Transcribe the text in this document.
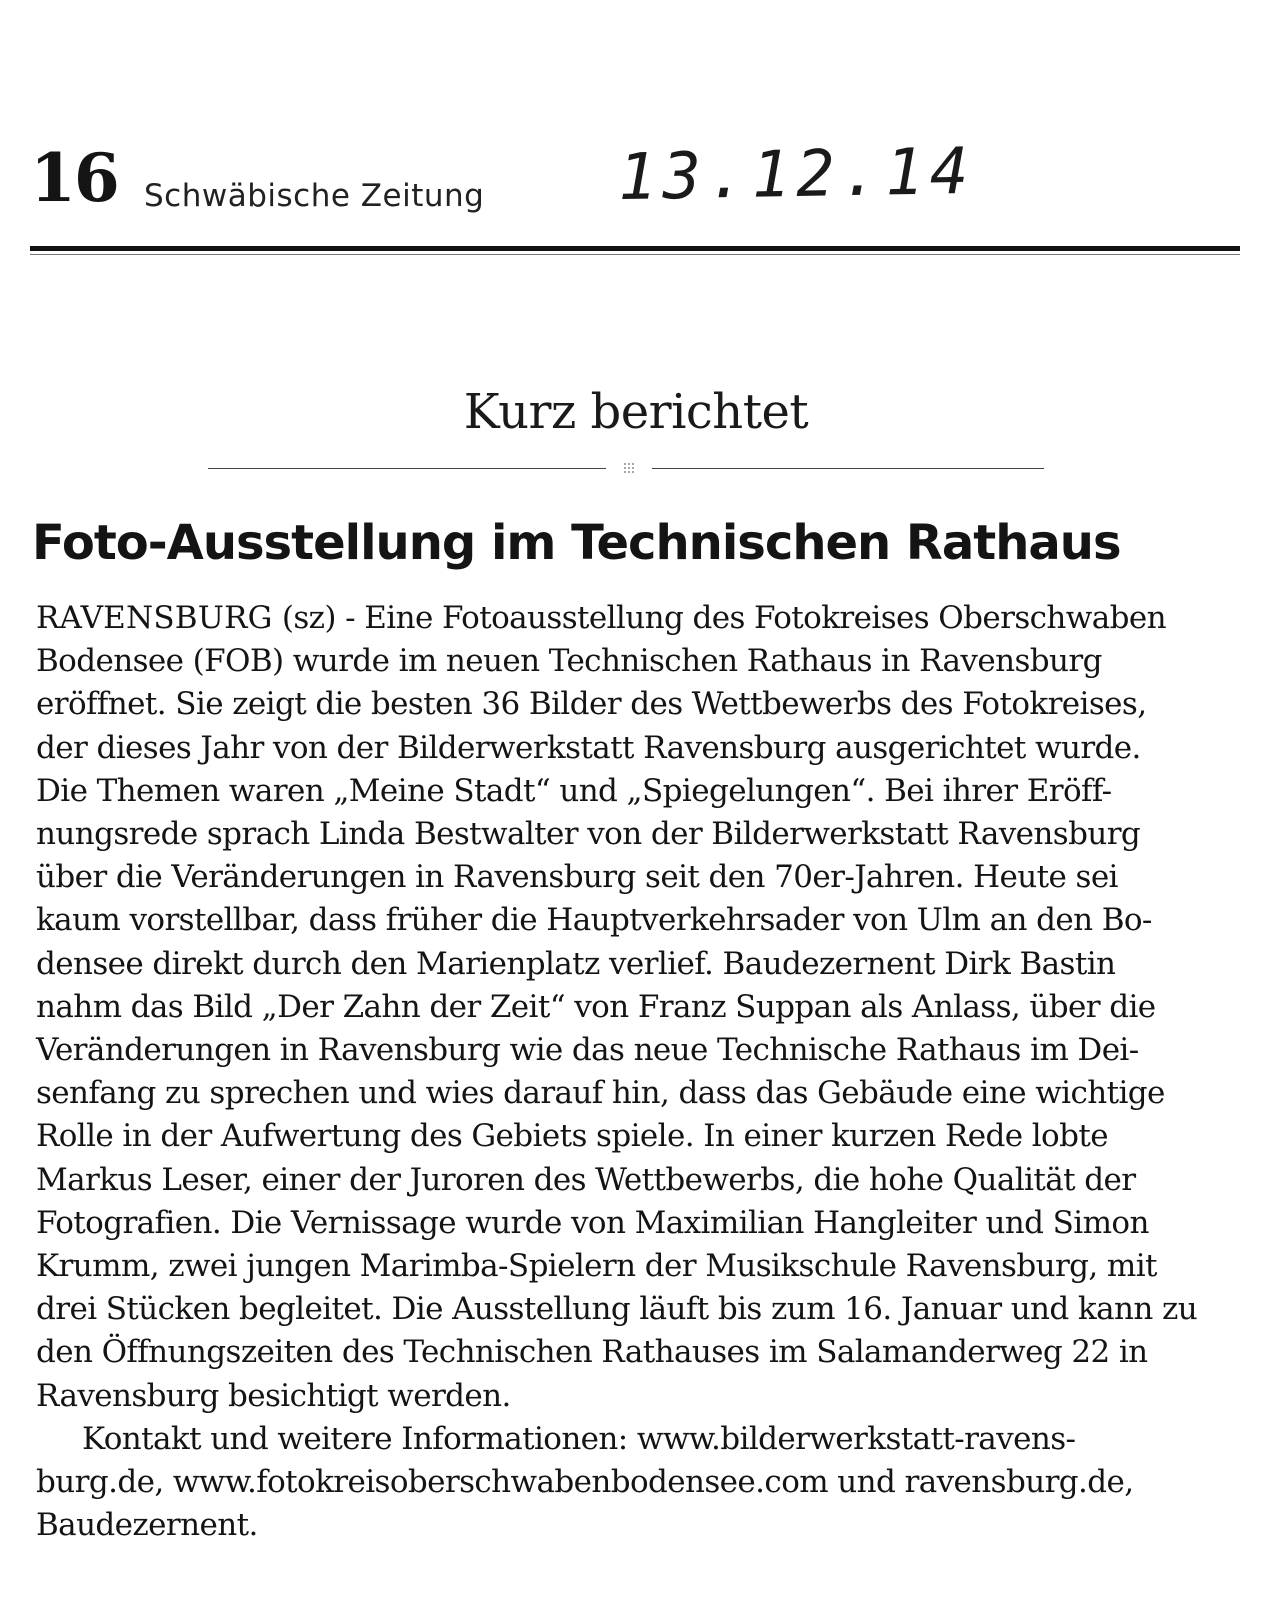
16 Schwäbische Zeitung 13.12.14
Kurz berichtet
Foto-Ausstellung im Technischen Rathaus
RAVENSBURG (sz) - Eine Fotoausstellung des Fotokreises Oberschwaben
Bodensee (FOB) wurde im neuen Technischen Rathaus in Ravensburg
eröffnet. Sie zeigt die besten 36 Bilder des Wettbewerbs des Fotokreises,
der dieses Jahr von der Bilderwerkstatt Ravensburg ausgerichtet wurde.
Die Themen waren „Meine Stadt“ und „Spiegelungen“. Bei ihrer Eröff-
nungsrede sprach Linda Bestwalter von der Bilderwerkstatt Ravensburg
über die Veränderungen in Ravensburg seit den 70er-Jahren. Heute sei
kaum vorstellbar, dass früher die Hauptverkehrsader von Ulm an den Bo-
densee direkt durch den Marienplatz verlief. Baudezernent Dirk Bastin
nahm das Bild „Der Zahn der Zeit“ von Franz Suppan als Anlass, über die
Veränderungen in Ravensburg wie das neue Technische Rathaus im Dei-
senfang zu sprechen und wies darauf hin, dass das Gebäude eine wichtige
Rolle in der Aufwertung des Gebiets spiele. In einer kurzen Rede lobte
Markus Leser, einer der Juroren des Wettbewerbs, die hohe Qualität der
Fotografien. Die Vernissage wurde von Maximilian Hangleiter und Simon
Krumm, zwei jungen Marimba-Spielern der Musikschule Ravensburg, mit
drei Stücken begleitet. Die Ausstellung läuft bis zum 16. Januar und kann zu
den Öffnungszeiten des Technischen Rathauses im Salamanderweg 22 in
Ravensburg besichtigt werden.
Kontakt und weitere Informationen: www.bilderwerkstatt-ravens-
burg.de, www.fotokreisoberschwabenbodensee.com und ravensburg.de,
Baudezernent.
